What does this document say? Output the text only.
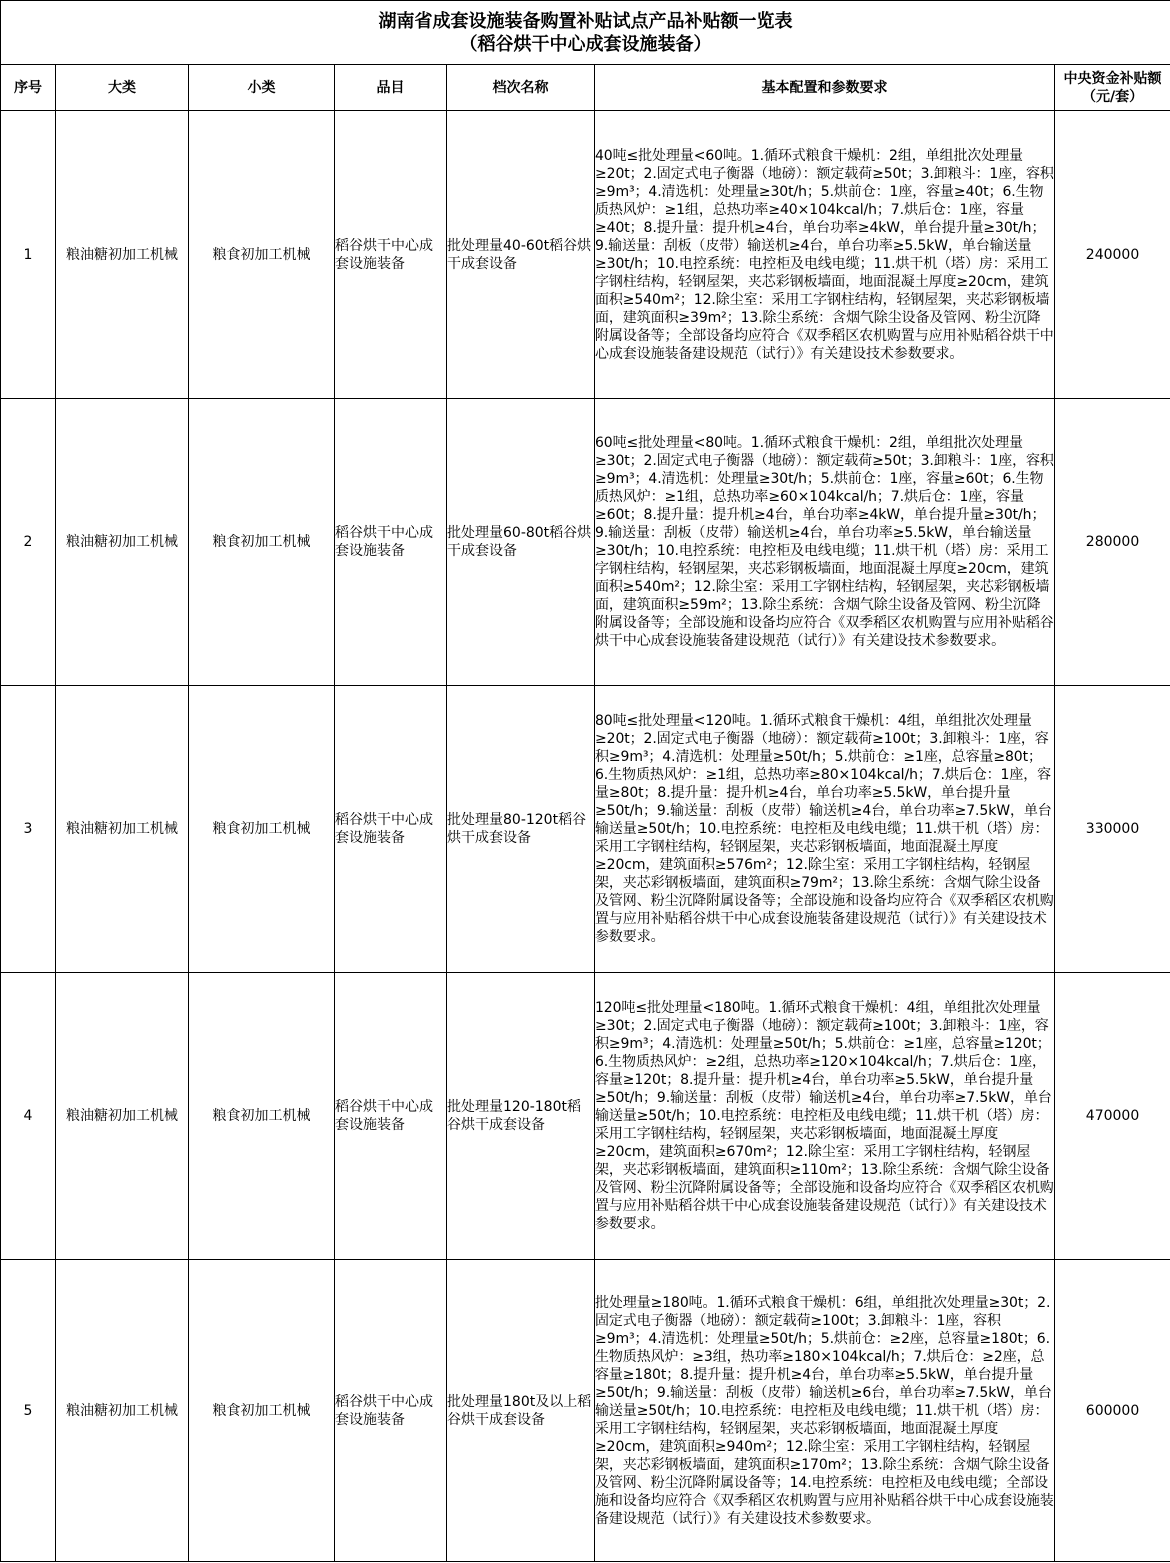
湖南省成套设施装备购置补贴试点产品补贴额一览表
（稻谷烘干中心成套设施装备）						

序号	大类	小类	品目	档次名称	基本配置和参数要求	中央资金补贴额（元/套）
1	粮油糖初加工机械	粮食初加工机械	稻谷烘干中心成套设施装备	批处理量40-60t稻谷烘干成套设备	40吨≤批处理量<60吨。1.循环式粮食干燥机：2组，单组批次处理量≥20t；2.固定式电子衡器（地磅）：额定载荷≥50t；3.卸粮斗：1座，容积≥9m³；4.清选机：处理量≥30t/h；5.烘前仓：1座，容量≥40t；6.生物质热风炉：≥1组，总热功率≥40×104kcal/h；7.烘后仓：1座，容量≥40t；8.提升量：提升机≥4台，单台功率≥4kW，单台提升量≥30t/h；9.输送量：刮板（皮带）输送机≥4台，单台功率≥5.5kW，单台输送量≥30t/h；10.电控系统：电控柜及电线电缆；11.烘干机（塔）房：采用工字钢柱结构，轻钢屋架，夹芯彩钢板墙面，地面混凝土厚度≥20cm，建筑面积≥540m²；12.除尘室：采用工字钢柱结构，轻钢屋架，夹芯彩钢板墙面，建筑面积≥39m²；13.除尘系统：含烟气除尘设备及管网、粉尘沉降附属设备等；全部设备均应符合《双季稻区农机购置与应用补贴稻谷烘干中心成套设施装备建设规范（试行）》有关建设技术参数要求。	240000
2	粮油糖初加工机械	粮食初加工机械	稻谷烘干中心成套设施装备	批处理量60-80t稻谷烘干成套设备	60吨≤批处理量<80吨。1.循环式粮食干燥机：2组，单组批次处理量≥30t；2.固定式电子衡器（地磅）：额定载荷≥50t；3.卸粮斗：1座，容积≥9m³；4.清选机：处理量≥30t/h；5.烘前仓：1座，容量≥60t；6.生物质热风炉：≥1组，总热功率≥60×104kcal/h；7.烘后仓：1座，容量≥60t；8.提升量：提升机≥4台，单台功率≥4kW，单台提升量≥30t/h；9.输送量：刮板（皮带）输送机≥4台，单台功率≥5.5kW，单台输送量≥30t/h；10.电控系统：电控柜及电线电缆；11.烘干机（塔）房：采用工字钢柱结构，轻钢屋架，夹芯彩钢板墙面，地面混凝土厚度≥20cm，建筑面积≥540m²；12.除尘室：采用工字钢柱结构，轻钢屋架，夹芯彩钢板墙面，建筑面积≥59m²；13.除尘系统：含烟气除尘设备及管网、粉尘沉降附属设备等；全部设施和设备均应符合《双季稻区农机购置与应用补贴稻谷烘干中心成套设施装备建设规范（试行）》有关建设技术参数要求。	280000
3	粮油糖初加工机械	粮食初加工机械	稻谷烘干中心成套设施装备	批处理量80-120t稻谷烘干成套设备	80吨≤批处理量<120吨。1.循环式粮食干燥机：4组，单组批次处理量≥20t；2.固定式电子衡器（地磅）：额定载荷≥100t；3.卸粮斗：1座，容积≥9m³；4.清选机：处理量≥50t/h；5.烘前仓：≥1座，总容量≥80t；6.生物质热风炉：≥1组，总热功率≥80×104kcal/h；7.烘后仓：1座，容量≥80t；8.提升量：提升机≥4台，单台功率≥5.5kW，单台提升量≥50t/h；9.输送量：刮板（皮带）输送机≥4台，单台功率≥7.5kW，单台输送量≥50t/h；10.电控系统：电控柜及电线电缆；11.烘干机（塔）房：采用工字钢柱结构，轻钢屋架，夹芯彩钢板墙面，地面混凝土厚度≥20cm，建筑面积≥576m²；12.除尘室：采用工字钢柱结构，轻钢屋架，夹芯彩钢板墙面，建筑面积≥79m²；13.除尘系统：含烟气除尘设备及管网、粉尘沉降附属设备等；全部设施和设备均应符合《双季稻区农机购置与应用补贴稻谷烘干中心成套设施装备建设规范（试行）》有关建设技术参数要求。	330000
4	粮油糖初加工机械	粮食初加工机械	稻谷烘干中心成套设施装备	批处理量120-180t稻谷烘干成套设备	120吨≤批处理量<180吨。1.循环式粮食干燥机：4组，单组批次处理量≥30t；2.固定式电子衡器（地磅）：额定载荷≥100t；3.卸粮斗：1座，容积≥9m³；4.清选机：处理量≥50t/h；5.烘前仓：≥1座，总容量≥120t；6.生物质热风炉：≥2组，总热功率≥120×104kcal/h；7.烘后仓：1座，容量≥120t；8.提升量：提升机≥4台，单台功率≥5.5kW，单台提升量≥50t/h；9.输送量：刮板（皮带）输送机≥4台，单台功率≥7.5kW，单台输送量≥50t/h；10.电控系统：电控柜及电线电缆；11.烘干机（塔）房：采用工字钢柱结构，轻钢屋架，夹芯彩钢板墙面，地面混凝土厚度≥20cm，建筑面积≥670m²；12.除尘室：采用工字钢柱结构，轻钢屋架，夹芯彩钢板墙面，建筑面积≥110m²；13.除尘系统：含烟气除尘设备及管网、粉尘沉降附属设备等；全部设施和设备均应符合《双季稻区农机购置与应用补贴稻谷烘干中心成套设施装备建设规范（试行）》有关建设技术参数要求。	470000
5	粮油糖初加工机械	粮食初加工机械	稻谷烘干中心成套设施装备	批处理量180t及以上稻谷烘干成套设备	批处理量≥180吨。1.循环式粮食干燥机：6组，单组批次处理量≥30t；2.固定式电子衡器（地磅）：额定载荷≥100t；3.卸粮斗：1座，容积≥9m³；4.清选机：处理量≥50t/h；5.烘前仓：≥2座，总容量≥180t；6.生物质热风炉：≥3组，热功率≥180×104kcal/h；7.烘后仓：≥2座，总容量≥180t；8.提升量：提升机≥4台，单台功率≥5.5kW，单台提升量≥50t/h；9.输送量：刮板（皮带）输送机≥6台，单台功率≥7.5kW，单台输送量≥50t/h；10.电控系统：电控柜及电线电缆；11.烘干机（塔）房：采用工字钢柱结构，轻钢屋架，夹芯彩钢板墙面，地面混凝土厚度≥20cm，建筑面积≥940m²；12.除尘室：采用工字钢柱结构，轻钢屋架，夹芯彩钢板墙面，建筑面积≥170m²；13.除尘系统：含烟气除尘设备及管网、粉尘沉降附属设备等；14.电控系统：电控柜及电线电缆；全部设施和设备均应符合《双季稻区农机购置与应用补贴稻谷烘干中心成套设施装备建设规范（试行）》有关建设技术参数要求。	600000
